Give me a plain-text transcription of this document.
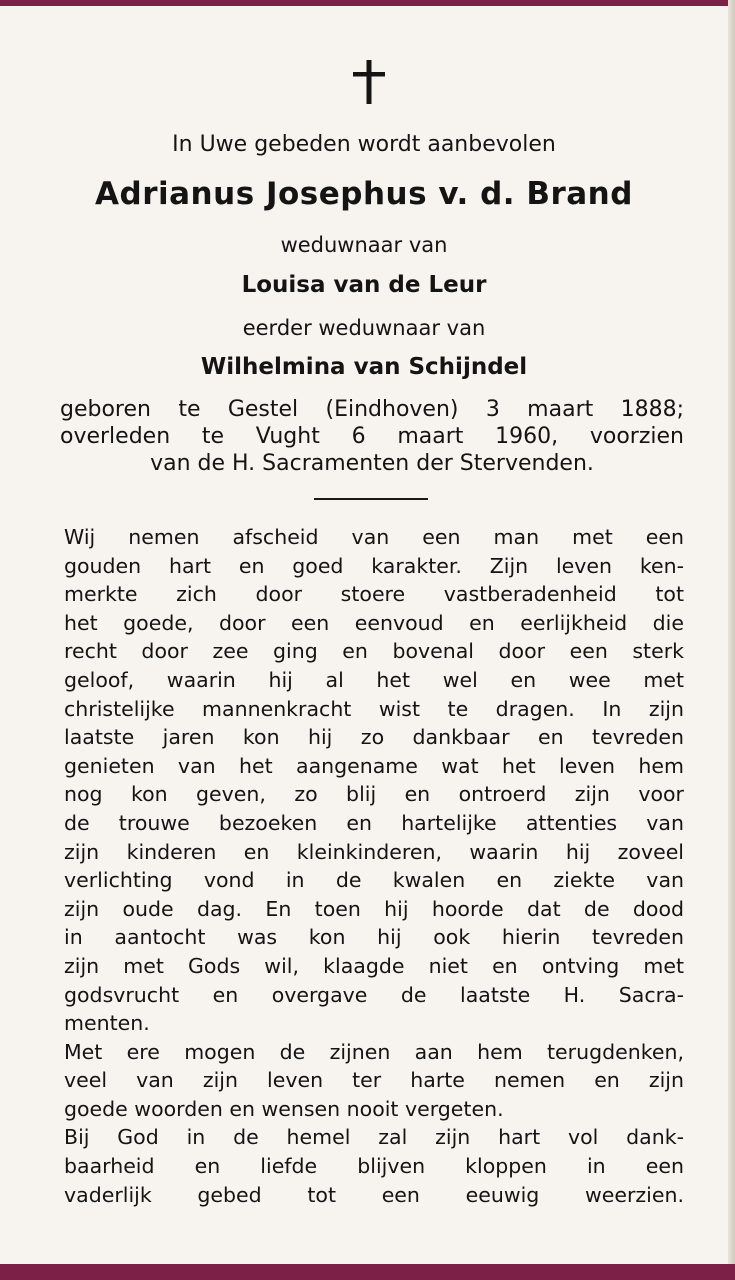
In Uwe gebeden wordt aanbevolen
Adrianus Josephus v. d. Brand
weduwnaar van
Louisa van de Leur
eerder weduwnaar van
Wilhelmina van Schijndel
geboren te Gestel (Eindhoven) 3 maart 1888;
overleden te Vught 6 maart 1960, voorzien
van de H. Sacramenten der Stervenden.
Wij nemen afscheid van een man met een
gouden hart en goed karakter. Zijn leven ken-
merkte zich door stoere vastberadenheid tot
het goede, door een eenvoud en eerlijkheid die
recht door zee ging en bovenal door een sterk
geloof, waarin hij al het wel en wee met
christelijke mannenkracht wist te dragen. In zijn
laatste jaren kon hij zo dankbaar en tevreden
genieten van het aangename wat het leven hem
nog kon geven, zo blij en ontroerd zijn voor
de trouwe bezoeken en hartelijke attenties van
zijn kinderen en kleinkinderen, waarin hij zoveel
verlichting vond in de kwalen en ziekte van
zijn oude dag. En toen hij hoorde dat de dood
in aantocht was kon hij ook hierin tevreden
zijn met Gods wil, klaagde niet en ontving met
godsvrucht en overgave de laatste H. Sacra-
menten.
Met ere mogen de zijnen aan hem terugdenken,
veel van zijn leven ter harte nemen en zijn
goede woorden en wensen nooit vergeten.
Bij God in de hemel zal zijn hart vol dank-
baarheid en liefde blijven kloppen in een
vaderlijk gebed tot een eeuwig weerzien.
